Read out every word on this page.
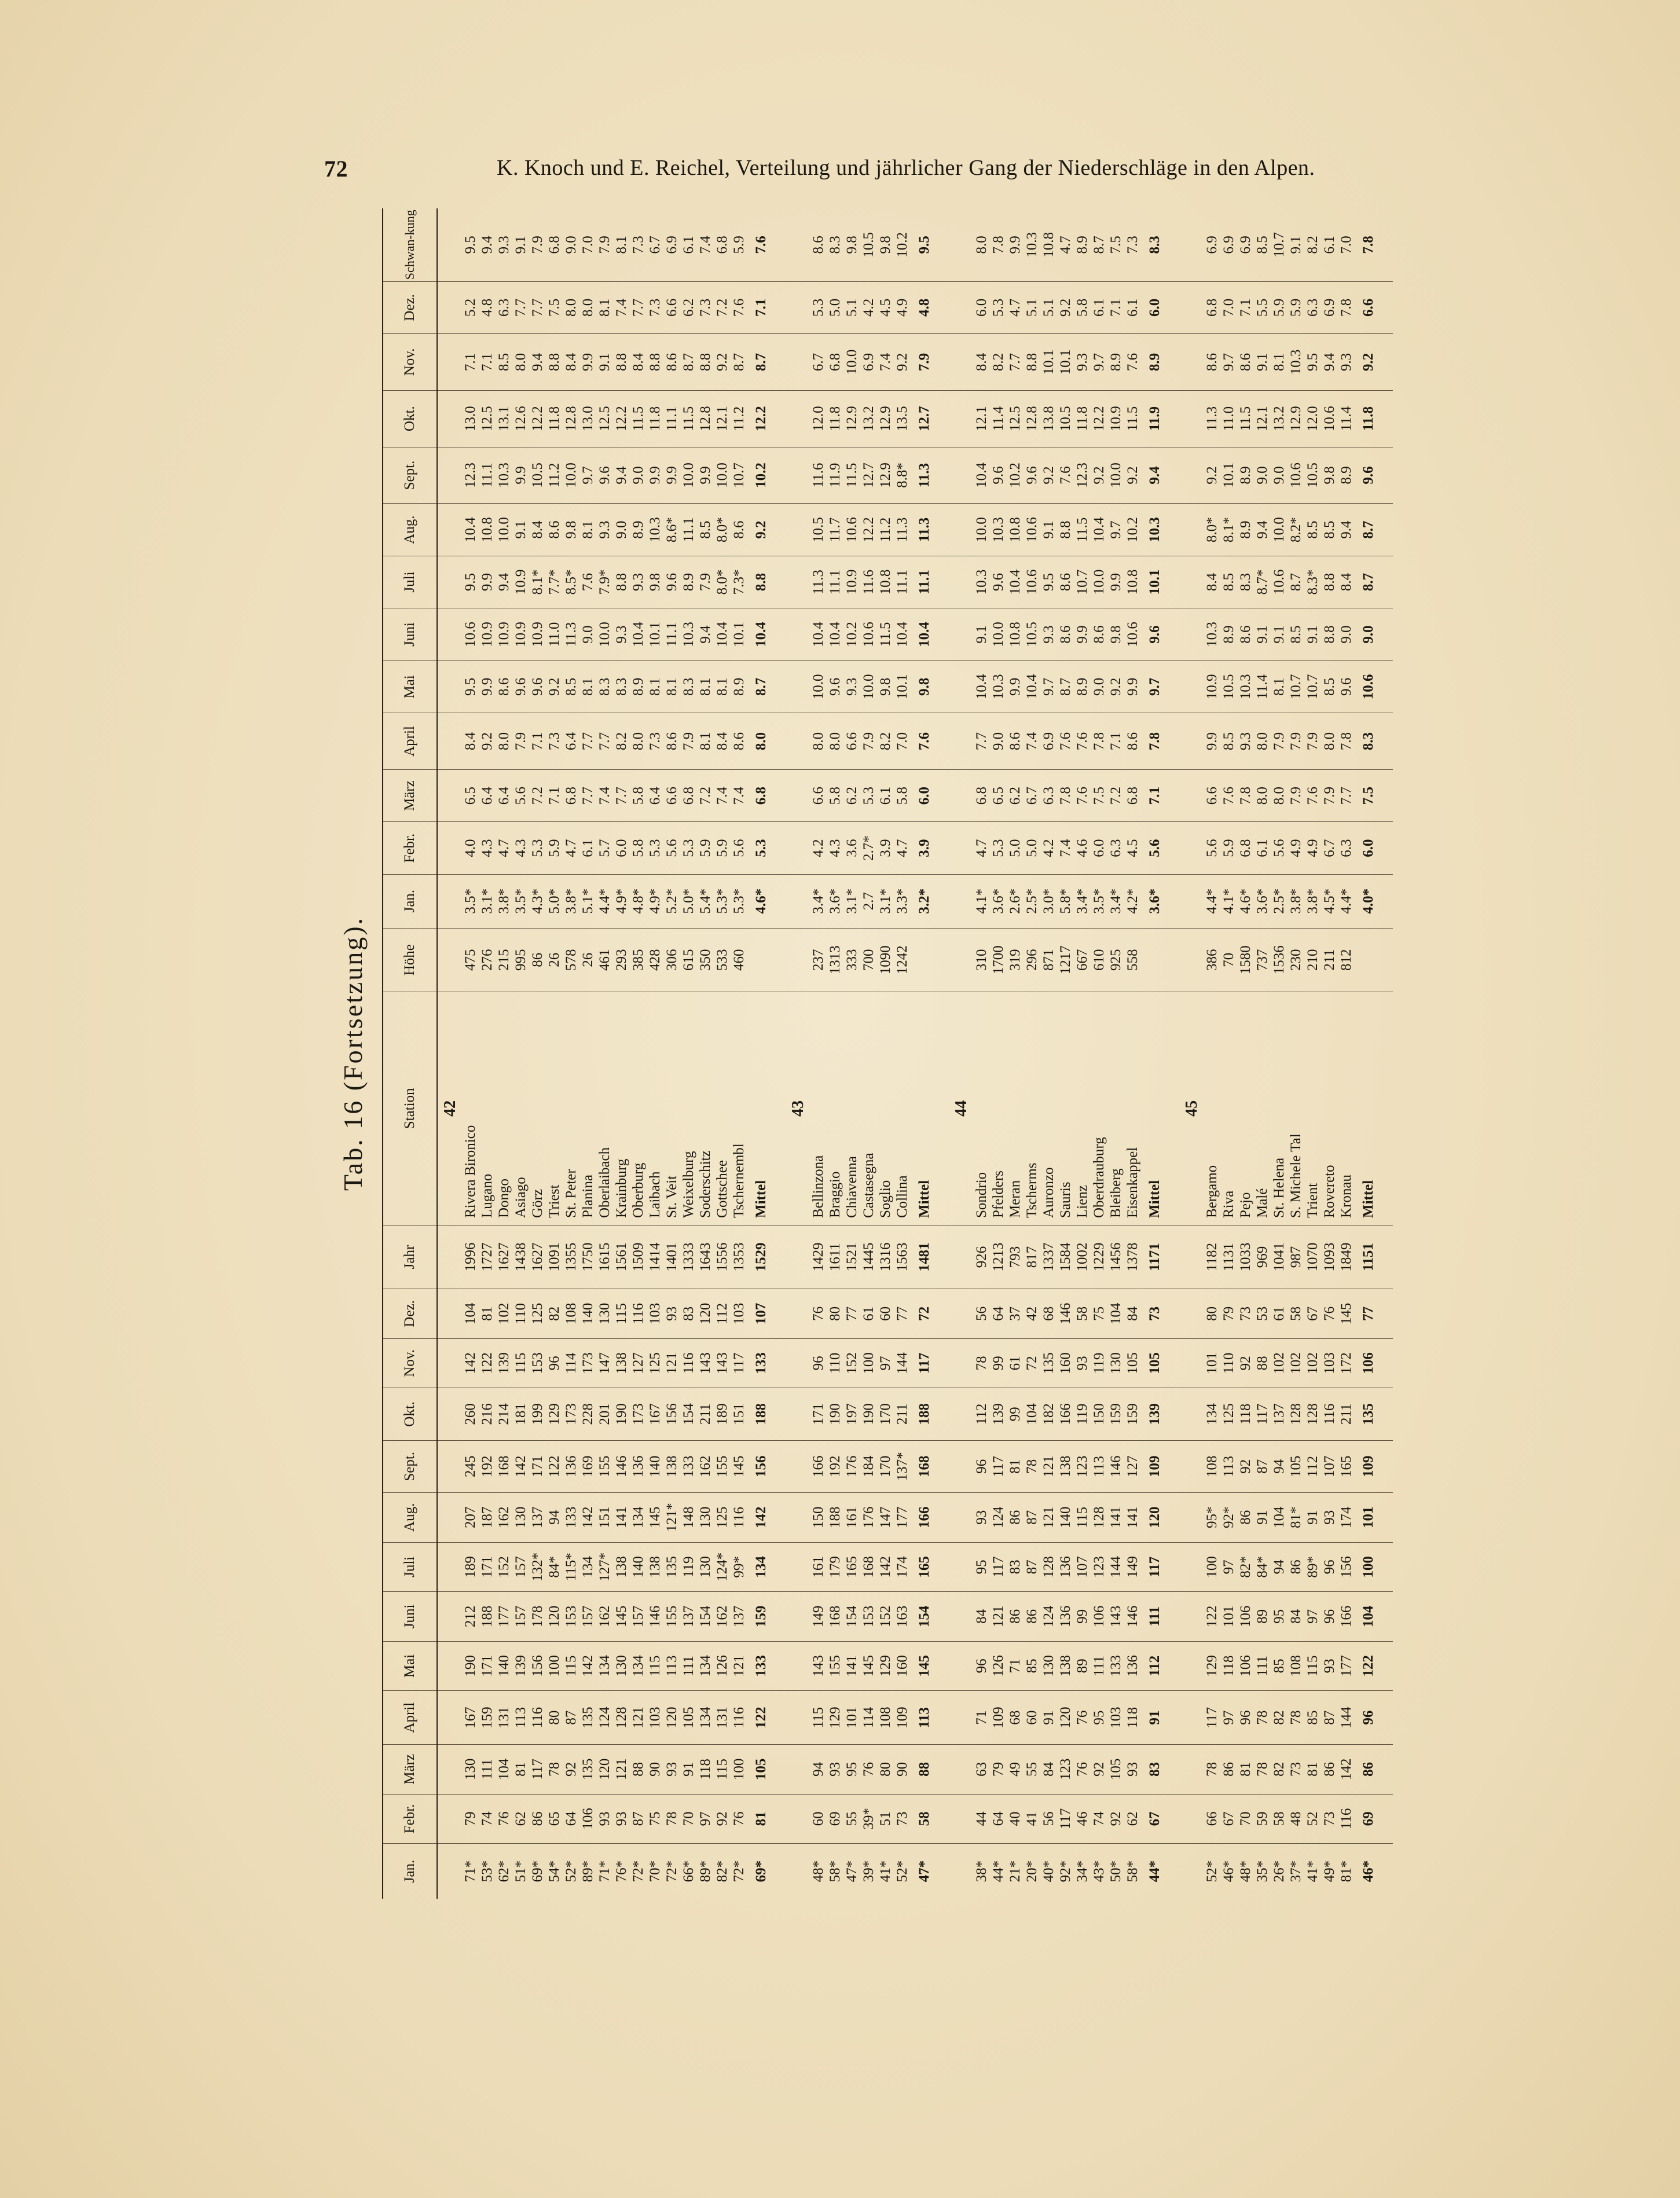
72	K. Knoch und E. Reichel, Verteilung und jährlicher Gang der Niederschläge in den Alpen.
Tab. 16 (Fortsetzung).
Jan.	Febr.	März	April	Mai	Juni	Juli	Aug.	Sept.	Okt.	Nov.	Dez.	Jahr	Station	Höhe	Jan.	Febr.	März	April	Mai	Juni	Juli	Aug.	Sept.	Okt.	Nov.	Dez.	Schwan-kung
													42														
71*	79	130	167	190	212	189	207	245	260	142	104	1996	Rivera Bironico	475	3.5*	4.0	6.5	8.4	9.5	10.6	9.5	10.4	12.3	13.0	7.1	5.2	9.5
53*	74	111	159	171	188	171	187	192	216	122	81	1727	Lugano	276	3.1*	4.3	6.4	9.2	9.9	10.9	9.9	10.8	11.1	12.5	7.1	4.8	9.4
62*	76	104	131	140	177	152	162	168	214	139	102	1627	Dongo	215	3.8*	4.7	6.4	8.0	8.6	10.9	9.4	10.0	10.3	13.1	8.5	6.3	9.3
51*	62	81	113	139	157	157	130	142	181	115	110	1438	Asiago	995	3.5*	4.3	5.6	7.9	9.6	10.9	10.9	9.1	9.9	12.6	8.0	7.7	9.1
69*	86	117	116	156	178	132*	137	171	199	153	125	1627	Görz	86	4.3*	5.3	7.2	7.1	9.6	10.9	8.1*	8.4	10.5	12.2	9.4	7.7	7.9
54*	65	78	80	100	120	84*	94	122	129	96	82	1091	Triest	26	5.0*	5.9	7.1	7.3	9.2	11.0	7.7*	8.6	11.2	11.8	8.8	7.5	6.8
52*	64	92	87	115	153	115*	133	136	173	114	108	1355	St. Peter	578	3.8*	4.7	6.8	6.4	8.5	11.3	8.5*	9.8	10.0	12.8	8.4	8.0	9.0
89*	106	135	135	142	157	134	142	169	228	173	140	1750	Planina	26	5.1*	6.1	7.7	7.7	8.1	9.0	7.6	8.1	9.7	13.0	9.9	8.0	7.0
71*	93	120	124	134	162	127*	151	155	201	147	130	1615	Oberlaibach	461	4.4*	5.7	7.4	7.7	8.3	10.0	7.9*	9.3	9.6	12.5	9.1	8.1	7.9
76*	93	121	128	130	145	138	141	146	190	138	115	1561	Krainburg	293	4.9*	6.0	7.7	8.2	8.3	9.3	8.8	9.0	9.4	12.2	8.8	7.4	8.1
72*	87	88	121	134	157	140	134	136	173	127	116	1509	Oberburg	385	4.8*	5.8	5.8	8.0	8.9	10.4	9.3	8.9	9.0	11.5	8.4	7.7	7.3
70*	75	90	103	115	146	138	145	140	167	125	103	1414	Laibach	428	4.9*	5.3	6.4	7.3	8.1	10.1	9.8	10.3	9.9	11.8	8.8	7.3	6.7
72*	78	93	120	113	155	135	121*	138	156	121	93	1401	St. Veit	306	5.2*	5.6	6.6	8.6	8.1	11.1	9.6	8.6*	9.9	11.1	8.6	6.6	6.9
66*	70	91	105	111	137	119	148	133	154	116	83	1333	Weixelburg	615	5.0*	5.3	6.8	7.9	8.3	10.3	8.9	11.1	10.0	11.5	8.7	6.2	6.1
89*	97	118	134	134	154	130	130	162	211	143	120	1643	Soderschitz	350	5.4*	5.9	7.2	8.1	8.1	9.4	7.9	8.5	9.9	12.8	8.8	7.3	7.4
82*	92	115	131	126	162	124*	125	155	189	143	112	1556	Gottschee	533	5.3*	5.9	7.4	8.4	8.1	10.4	8.0*	8.0*	10.0	12.1	9.2	7.2	6.8
72*	76	100	116	121	137	99*	116	145	151	117	103	1353	Tschernembl	460	5.3*	5.6	7.4	8.6	8.9	10.1	7.3*	8.6	10.7	11.2	8.7	7.6	5.9
69*	81	105	122	133	159	134	142	156	188	133	107	1529	Mittel		4.6*	5.3	6.8	8.0	8.7	10.4	8.8	9.2	10.2	12.2	8.7	7.1	7.6

													43														
48*	60	94	115	143	149	161	150	166	171	96	76	1429	Bellinzona	237	3.4*	4.2	6.6	8.0	10.0	10.4	11.3	10.5	11.6	12.0	6.7	5.3	8.6
58*	69	93	129	155	168	179	188	192	190	110	80	1611	Braggio	1313	3.6*	4.3	5.8	8.0	9.6	10.4	11.1	11.7	11.9	11.8	6.8	5.0	8.3
47*	55	95	101	141	154	165	161	176	197	152	77	1521	Chiavenna	333	3.1*	3.6	6.2	6.6	9.3	10.2	10.9	10.6	11.5	12.9	10.0	5.1	9.8
39*	39*	76	114	145	153	168	176	184	190	100	61	1445	Castasegna	700	2.7	2.7*	5.3	7.9	10.0	10.6	11.6	12.2	12.7	13.2	6.9	4.2	10.5
41*	51	80	108	129	152	142	147	170	170	97	60	1316	Soglio	1090	3.1*	3.9	6.1	8.2	9.8	11.5	10.8	11.2	12.9	12.9	7.4	4.5	9.8
52*	73	90	109	160	163	174	177	137*	211	144	77	1563	Collina	1242	3.3*	4.7	5.8	7.0	10.1	10.4	11.1	11.3	8.8*	13.5	9.2	4.9	10.2
47*	58	88	113	145	154	165	166	168	188	117	72	1481	Mittel		3.2*	3.9	6.0	7.6	9.8	10.4	11.1	11.3	11.3	12.7	7.9	4.8	9.5

													44														
38*	44	63	71	96	84	95	93	96	112	78	56	926	Sondrio	310	4.1*	4.7	6.8	7.7	10.4	9.1	10.3	10.0	10.4	12.1	8.4	6.0	8.0
44*	64	79	109	126	121	117	124	117	139	99	64	1213	Pfelders	1700	3.6*	5.3	6.5	9.0	10.3	10.0	9.6	10.3	9.6	11.4	8.2	5.3	7.8
21*	40	49	68	71	86	83	86	81	99	61	37	793	Meran	319	2.6*	5.0	6.2	8.6	9.9	10.8	10.4	10.8	10.2	12.5	7.7	4.7	9.9
20*	41	55	60	85	86	87	87	78	104	72	42	817	Tscherms	296	2.5*	5.0	6.7	7.4	10.4	10.5	10.6	10.6	9.6	12.8	8.8	5.1	10.3
40*	56	84	91	130	124	128	121	121	182	135	68	1337	Auronzo	871	3.0*	4.2	6.3	6.9	9.7	9.3	9.5	9.1	9.2	13.8	10.1	5.1	10.8
92*	117	123	120	138	136	136	140	138	166	160	146	1584	Sauris	1217	5.8*	7.4	7.8	7.6	8.7	8.6	8.6	8.8	7.6	10.5	10.1	9.2	4.7
34*	46	76	76	89	99	107	115	123	119	93	58	1002	Lienz	667	3.4*	4.6	7.6	7.6	8.9	9.9	10.7	11.5	12.3	11.8	9.3	5.8	8.9
43*	74	92	95	111	106	123	128	113	150	119	75	1229	Oberdrauburg	610	3.5*	6.0	7.5	7.8	9.0	8.6	10.0	10.4	9.2	12.2	9.7	6.1	8.7
50*	92	105	103	133	143	144	141	146	159	130	104	1456	Bleiberg	925	3.4*	6.3	7.2	7.1	9.2	9.8	9.9	9.7	10.0	10.9	8.9	7.1	7.5
58*	62	93	118	136	146	149	141	127	159	105	84	1378	Eisenkappel	558	4.2*	4.5	6.8	8.6	9.9	10.6	10.8	10.2	9.2	11.5	7.6	6.1	7.3
44*	67	83	91	112	111	117	120	109	139	105	73	1171	Mittel		3.6*	5.6	7.1	7.8	9.7	9.6	10.1	10.3	9.4	11.9	8.9	6.0	8.3

													45														
52*	66	78	117	129	122	100	95*	108	134	101	80	1182	Bergamo	386	4.4*	5.6	6.6	9.9	10.9	10.3	8.4	8.0*	9.2	11.3	8.6	6.8	6.9
46*	67	86	97	118	101	97	92*	113	125	110	79	1131	Riva	70	4.1*	5.9	7.6	8.5	10.5	8.9	8.5	8.1*	10.1	11.0	9.7	7.0	6.9
48*	70	81	96	106	106	82*	86	92	118	92	73	1033	Pejo	1580	4.6*	6.8	7.8	9.3	10.3	8.6	8.3	8.9	8.9	11.5	8.6	7.1	6.9
35*	59	78	78	111	89	84*	91	87	117	88	53	969	Malé	737	3.6*	6.1	8.0	8.0	11.4	9.1	8.7*	9.4	9.0	12.1	9.1	5.5	8.5
26*	58	82	82	85	95	94	104	94	137	102	61	1041	St. Helena	1536	2.5*	5.6	8.0	7.9	8.1	9.1	10.6	10.0	9.0	13.2	8.1	5.9	10.7
37*	48	73	78	108	84	86	81*	105	128	102	58	987	S. Michele Tal	230	3.8*	4.9	7.9	7.9	10.7	8.5	8.7	8.2*	10.6	12.9	10.3	5.9	9.1
41*	52	81	85	115	97	89*	91	112	128	102	67	1070	Trient	210	3.8*	4.9	7.6	7.9	10.7	9.1	8.3*	8.5	10.5	12.0	9.5	6.3	8.2
49*	73	86	87	93	96	96	93	107	116	103	76	1093	Rovereto	211	4.5*	6.7	7.9	8.0	8.5	8.8	8.8	8.5	9.8	10.6	9.4	6.9	6.1
81*	116	142	144	177	166	156	174	165	211	172	145	1849	Kronau	812	4.4*	6.3	7.7	7.8	9.6	9.0	8.4	9.4	8.9	11.4	9.3	7.8	7.0
46*	69	86	96	122	104	100	101	109	135	106	77	1151	Mittel		4.0*	6.0	7.5	8.3	10.6	9.0	8.7	8.7	9.6	11.8	9.2	6.6	7.8
